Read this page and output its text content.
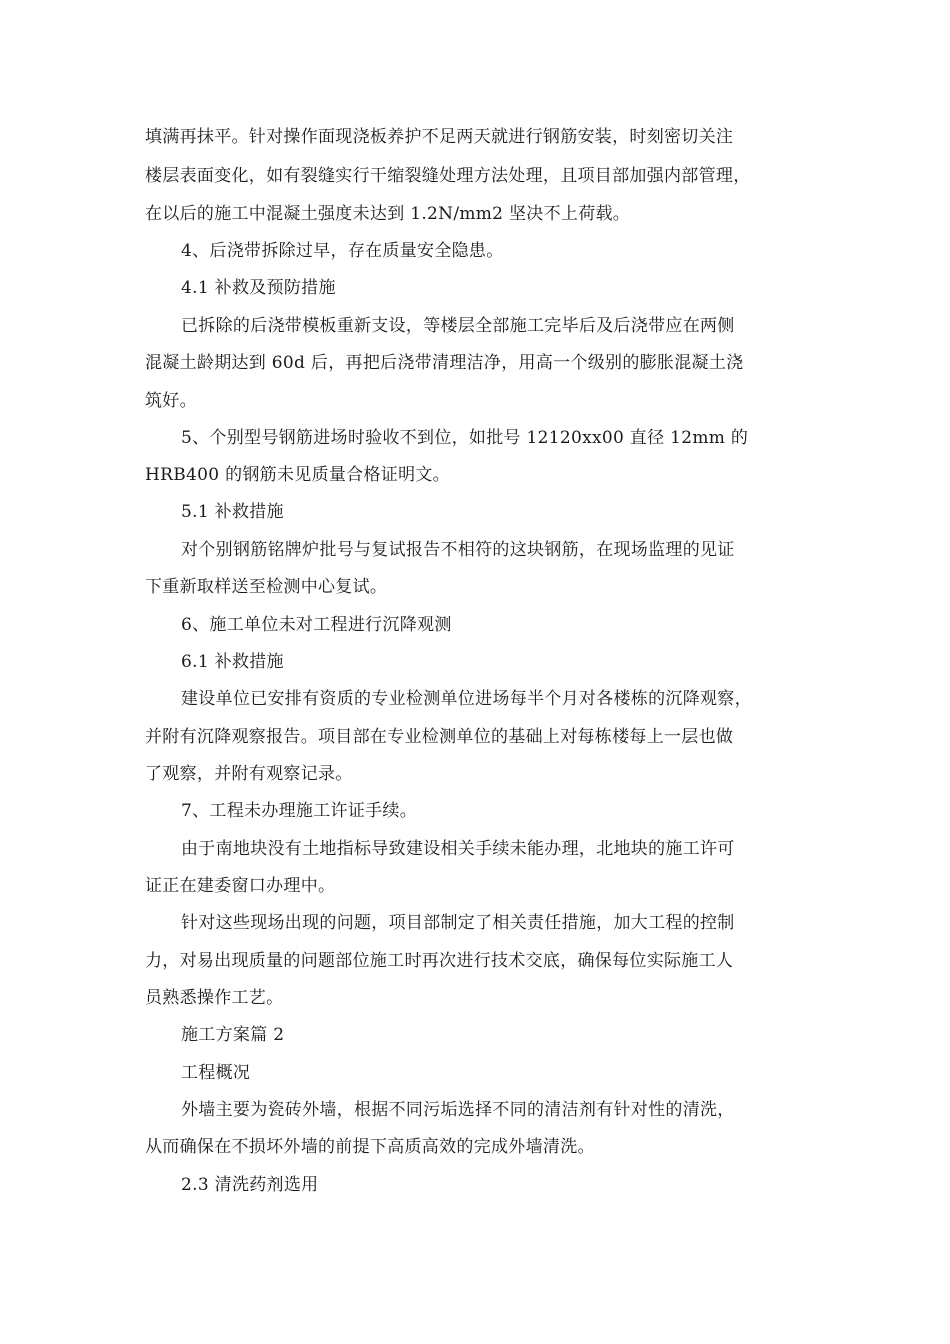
填满再抹平。针对操作面现浇板养护不足两天就进行钢筋安装，时刻密切关注
楼层表面变化，如有裂缝实行干缩裂缝处理方法处理，且项目部加强内部管理，
在以后的施工中混凝土强度未达到 1.2N/mm2 坚决不上荷载。
4、后浇带拆除过早，存在质量安全隐患。
4.1 补救及预防措施
已拆除的后浇带模板重新支设，等楼层全部施工完毕后及后浇带应在两侧
混凝土龄期达到 60d 后，再把后浇带清理洁净，用高一个级别的膨胀混凝土浇
筑好。
5、个别型号钢筋进场时验收不到位，如批号 12120xx00 直径 12mm 的
HRB400 的钢筋未见质量合格证明文。
5.1 补救措施
对个别钢筋铭牌炉批号与复试报告不相符的这块钢筋，在现场监理的见证
下重新取样送至检测中心复试。
6、施工单位未对工程进行沉降观测
6.1 补救措施
建设单位已安排有资质的专业检测单位进场每半个月对各楼栋的沉降观察，
并附有沉降观察报告。项目部在专业检测单位的基础上对每栋楼每上一层也做
了观察，并附有观察记录。
7、工程未办理施工许证手续。
由于南地块没有土地指标导致建设相关手续未能办理，北地块的施工许可
证正在建委窗口办理中。
针对这些现场出现的问题，项目部制定了相关责任措施，加大工程的控制
力，对易出现质量的问题部位施工时再次进行技术交底，确保每位实际施工人
员熟悉操作工艺。
施工方案篇 2
工程概况
外墙主要为瓷砖外墙，根据不同污垢选择不同的清洁剂有针对性的清洗，
从而确保在不损坏外墙的前提下高质高效的完成外墙清洗。
2.3 清洗药剂选用
